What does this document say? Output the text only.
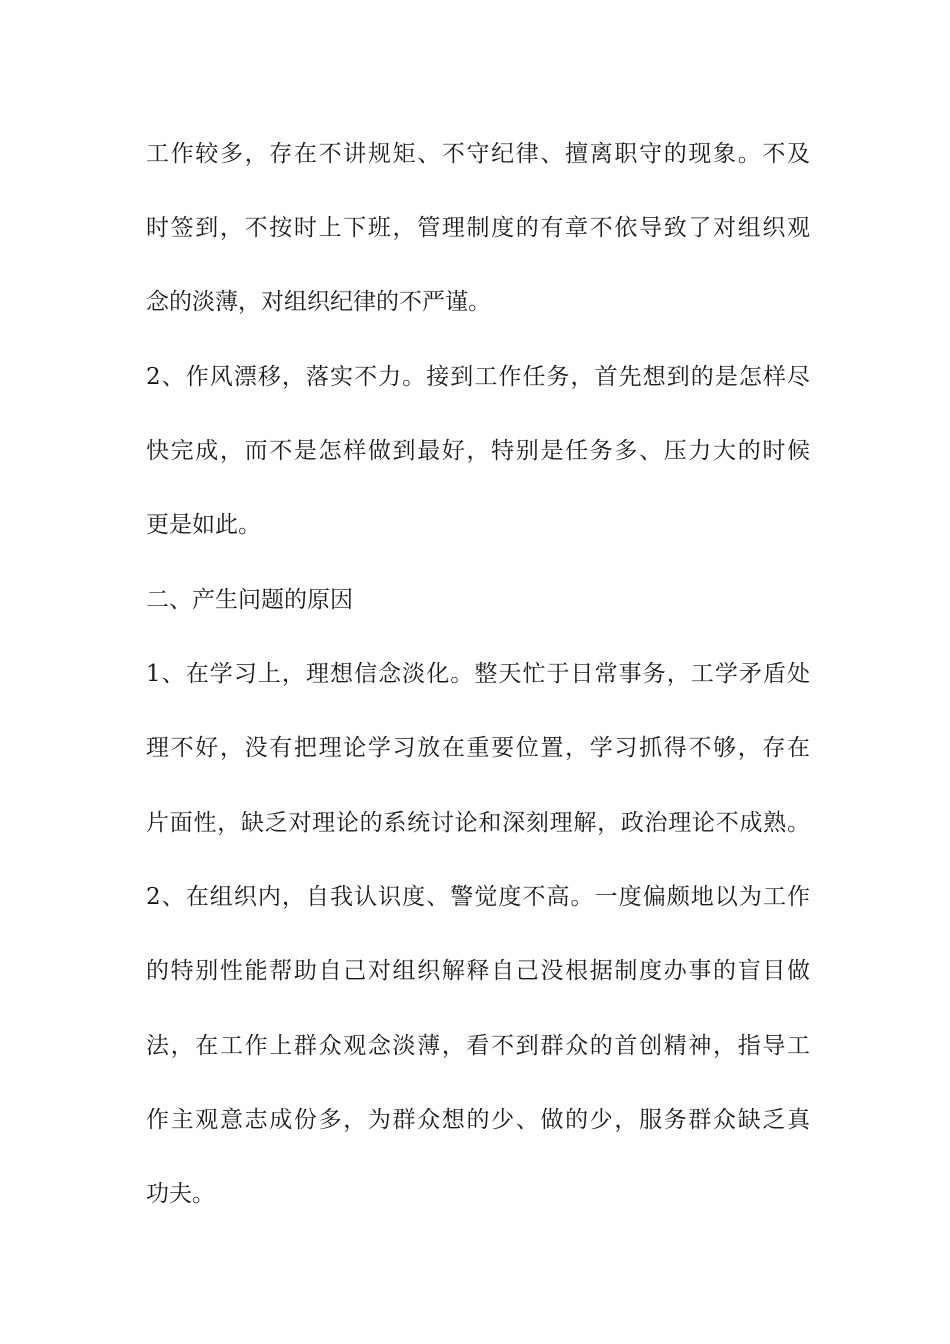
工作较多，存在不讲规矩、不守纪律、擅离职守的现象。不及
时签到，不按时上下班，管理制度的有章不依导致了对组织观
念的淡薄，对组织纪律的不严谨。
2、作风漂移，落实不力。接到工作任务，首先想到的是怎样尽
快完成，而不是怎样做到最好，特别是任务多、压力大的时候
更是如此。
二、产生问题的原因
1、在学习上，理想信念淡化。整天忙于日常事务，工学矛盾处
理不好，没有把理论学习放在重要位置，学习抓得不够，存在
片面性，缺乏对理论的系统讨论和深刻理解，政治理论不成熟。
2、在组织内，自我认识度、警觉度不高。一度偏颇地以为工作
的特别性能帮助自己对组织解释自己没根据制度办事的盲目做
法，在工作上群众观念淡薄，看不到群众的首创精神，指导工
作主观意志成份多，为群众想的少、做的少，服务群众缺乏真
功夫。
